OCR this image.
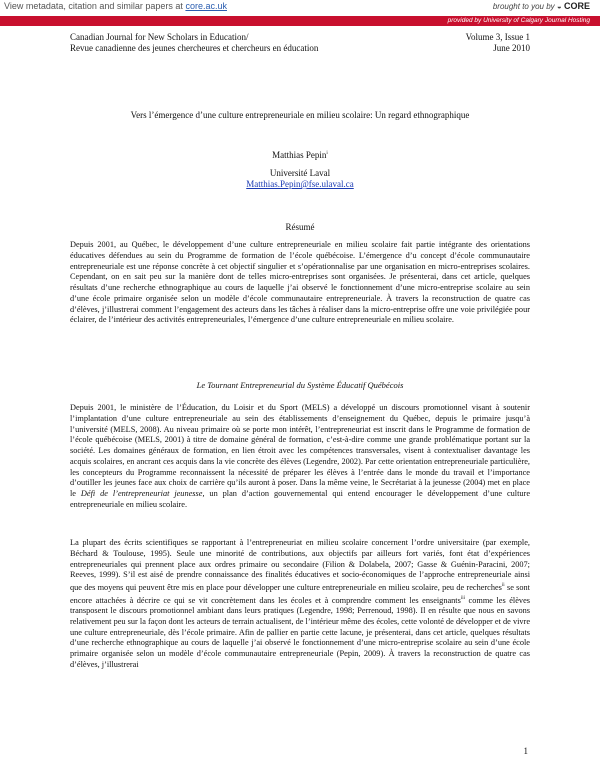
View metadata, citation and similar papers at core.ac.uk	brought to you by ◒ CORE
provided by University of Calgary Journal Hosting
Canadian Journal for New Scholars in Education/
Revue canadienne des jeunes chercheures et chercheurs en éducation
Volume 3, Issue 1
June 2010
Vers l’émergence d’une culture entrepreneuriale en milieu scolaire: Un regard ethnographique
Matthias Pepin$^i$
Université Laval
Matthias.Pepin@fse.ulaval.ca
Résumé
Depuis 2001, au Québec, le développement d’une culture entrepreneuriale en milieu scolaire fait partie intégrante des orientations éducatives défendues au sein du Programme de formation de l’école québécoise. L’émergence d’u concept d’école communautaire entrepreneuriale est une réponse concrète à cet objectif singulier et s’opérationnalise par une organisation en micro-entreprises scolaires. Cependant, on en sait peu sur la manière dont de telles micro-entreprises sont organisées. Je présenterai, dans cet article, quelques résultats d’une recherche ethnographique au cours de laquelle j’ai observé le fonctionnement d’une micro-entreprise scolaire au sein d’une école primaire organisée selon un modèle d’école communautaire entrepreneuriale. À travers la reconstruction de quatre cas d’élèves, j’illustrerai comment l’engagement des acteurs dans les tâches à réaliser dans la micro-entreprise offre une voie privilégiée pour éclairer, de l’intérieur des activités entrepreneuriales, l’émergence d’une culture entrepreneuriale en milieu scolaire.
Le Tournant Entrepreneurial du Système Éducatif Québécois
Depuis 2001, le ministère de l’Éducation, du Loisir et du Sport (MELS) a développé un discours promotionnel visant à soutenir l’implantation d’une culture entrepreneuriale au sein des établissements d’enseignement du Québec, depuis le primaire jusqu’à l’université (MELS, 2008). Au niveau primaire où se porte mon intérêt, l’entrepreneuriat est inscrit dans le Programme de formation de l’école québécoise (MELS, 2001) à titre de domaine général de formation, c’est-à-dire comme une grande problématique portant sur la société. Les domaines généraux de formation, en lien étroit avec les compétences transversales, visent à contextualiser davantage les acquis scolaires, en ancrant ces acquis dans la vie concrète des élèves (Legendre, 2002). Par cette orientation entrepreneuriale particulière, les concepteurs du Programme reconnaissent la nécessité de préparer les élèves à l’entrée dans le monde du travail et l’importance d’outiller les jeunes face aux choix de carrière qu’ils auront à poser. Dans la même veine, le Secrétariat à la jeunesse (2004) met en place le Défi de l’entrepreneuriat jeunesse, un plan d’action gouvernemental qui entend encourager le développement d’une culture entrepreneuriale en milieu scolaire.
La plupart des écrits scientifiques se rapportant à l’entrepreneuriat en milieu scolaire concernent l’ordre universitaire (par exemple, Béchard & Toulouse, 1995). Seule une minorité de contributions, aux objectifs par ailleurs fort variés, font état d’expériences entrepreneuriales qui prennent place aux ordres primaire ou secondaire (Filion & Dolabela, 2007; Gasse & Guénin-Paracini, 2007; Reeves, 1999). S’il est aisé de prendre connaissance des finalités éducatives et socio-économiques de l’approche entrepreneuriale ainsi que des moyens qui peuvent être mis en place pour développer une culture entrepreneuriale en milieu scolaire, peu de recherches$^{ii}$ se sont encore attachées à décrire ce qui se vit concrètement dans les écoles et à comprendre comment les enseignants$^{iii}$ comme les élèves transposent le discours promotionnel ambiant dans leurs pratiques (Legendre, 1998; Perrenoud, 1998). Il en résulte que nous en savons relativement peu sur la façon dont les acteurs de terrain actualisent, de l’intérieur même des écoles, cette volonté de développer et de vivre une culture entrepreneuriale, dès l’école primaire. Afin de pallier en partie cette lacune, je présenterai, dans cet article, quelques résultats d’une recherche ethnographique au cours de laquelle j’ai observé le fonctionnement d’une micro-entreprise scolaire au sein d’une école primaire organisée selon un modèle d’école communautaire entrepreneuriale (Pepin, 2009). À travers la reconstruction de quatre cas d’élèves, j’illustrerai
1
